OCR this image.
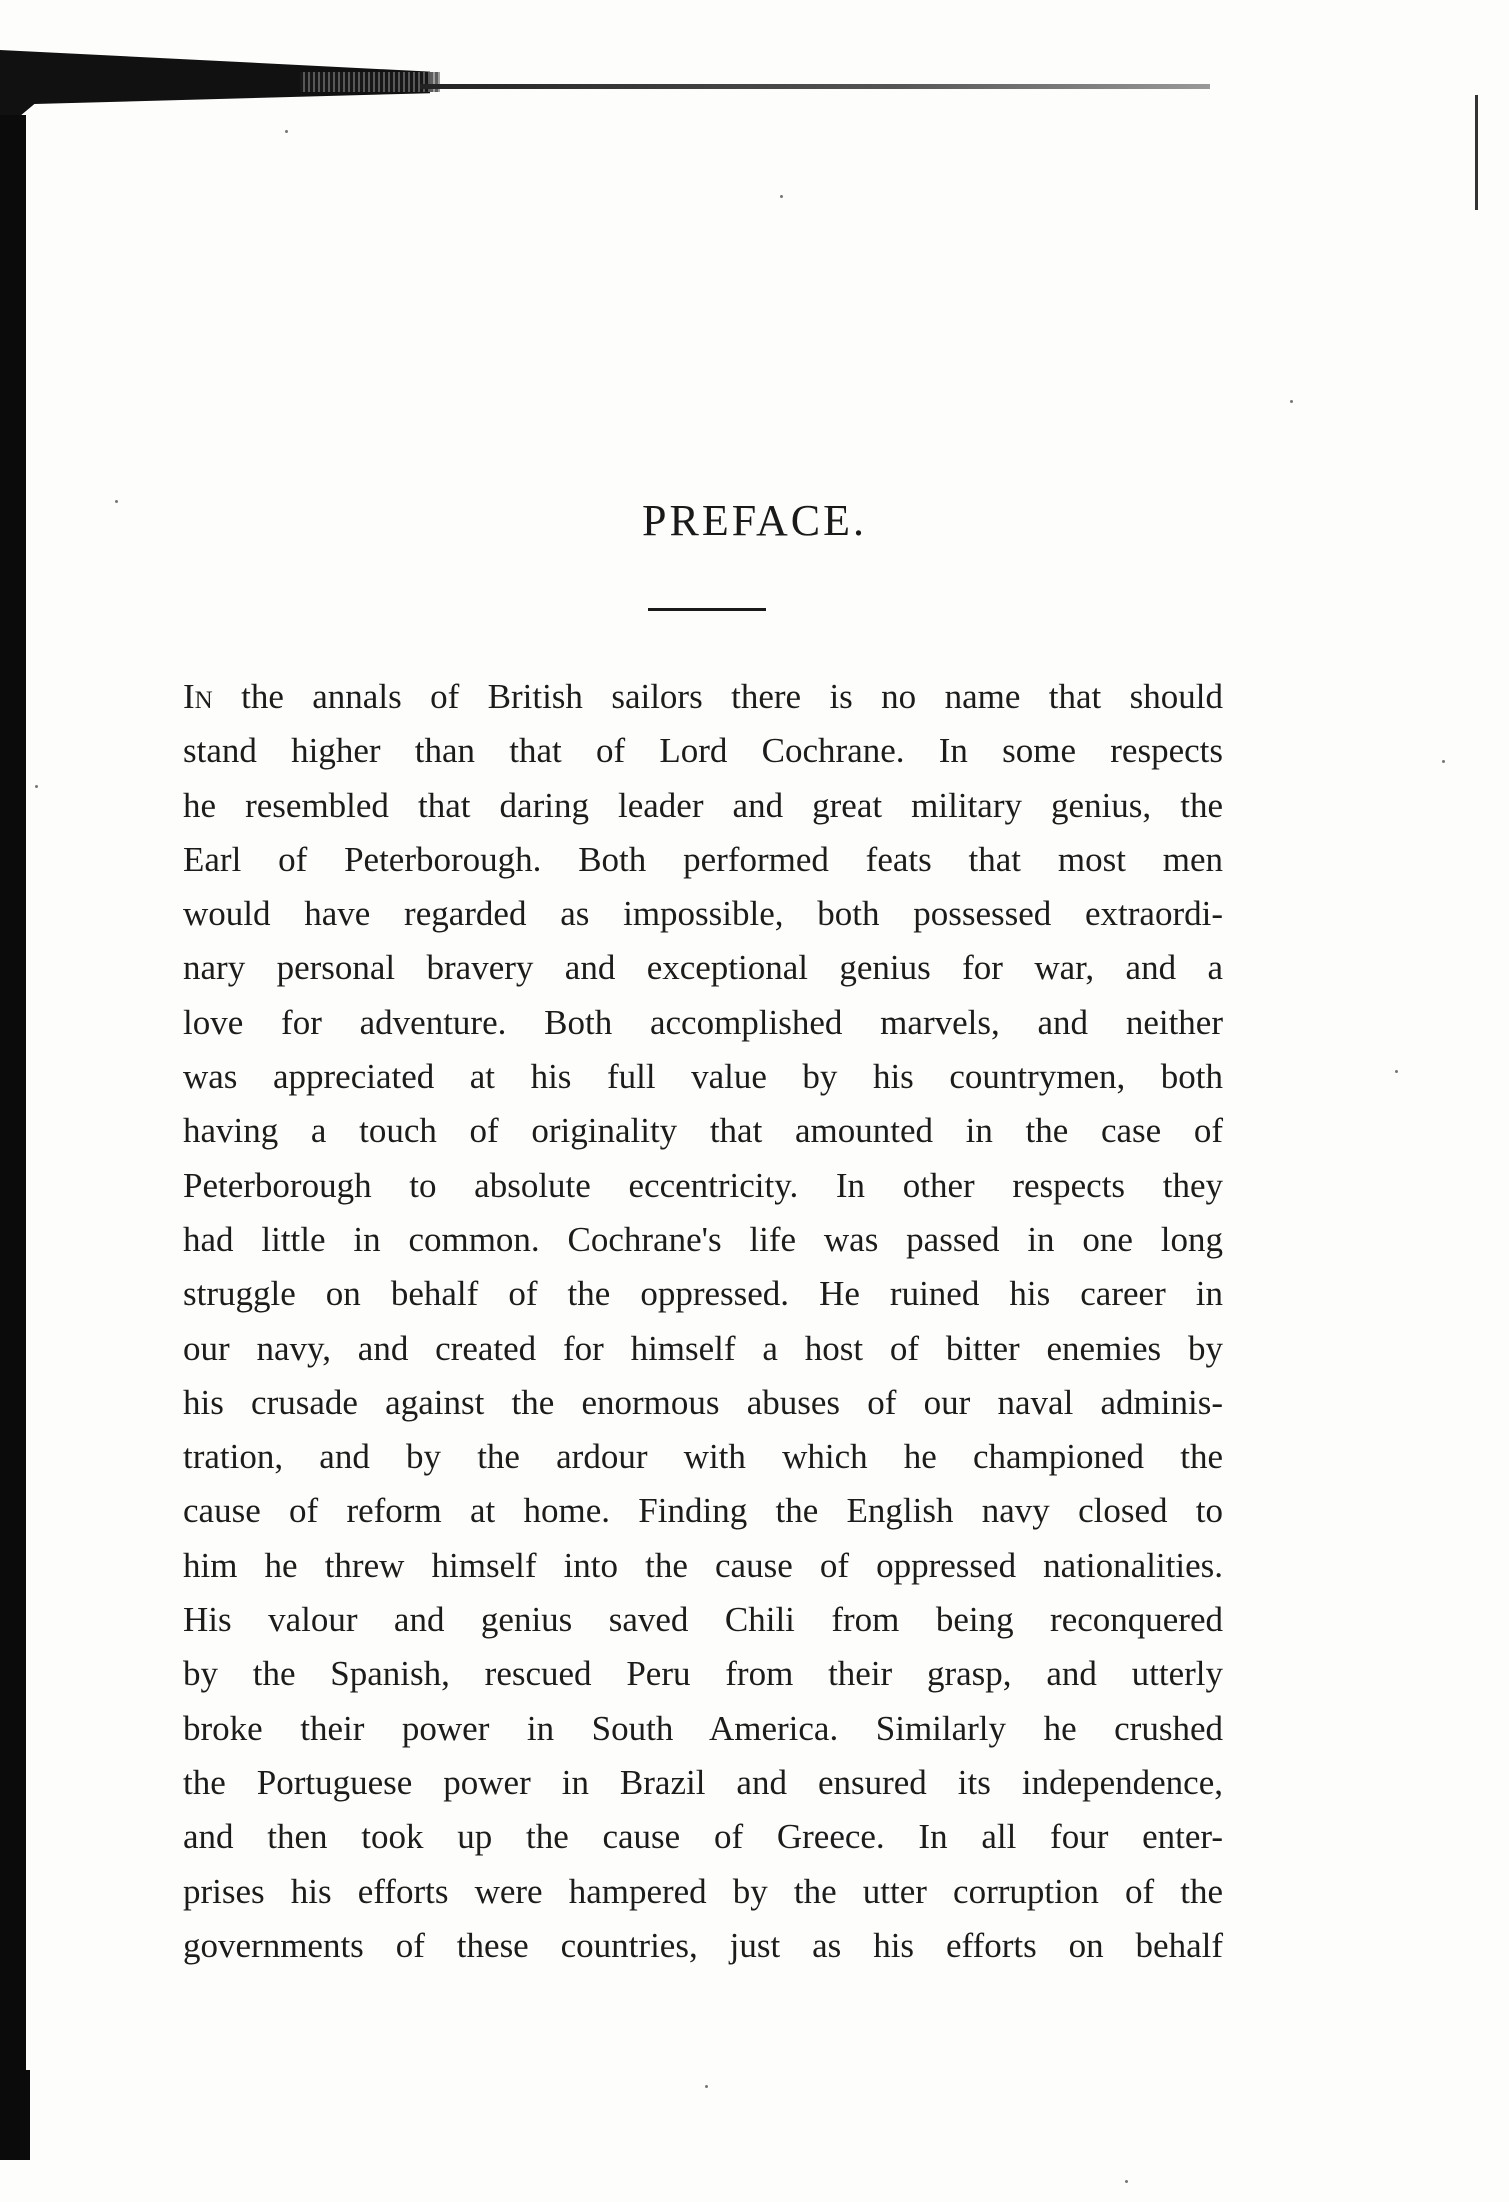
PREFACE.
In the annals of British sailors there is no name that should
stand higher than that of Lord Cochrane. In some respects
he resembled that daring leader and great military genius, the
Earl of Peterborough. Both performed feats that most men
would have regarded as impossible, both possessed extraordi-
nary personal bravery and exceptional genius for war, and a
love for adventure. Both accomplished marvels, and neither
was appreciated at his full value by his countrymen, both
having a touch of originality that amounted in the case of
Peterborough to absolute eccentricity. In other respects they
had little in common. Cochrane's life was passed in one long
struggle on behalf of the oppressed. He ruined his career in
our navy, and created for himself a host of bitter enemies by
his crusade against the enormous abuses of our naval adminis-
tration, and by the ardour with which he championed the
cause of reform at home. Finding the English navy closed to
him he threw himself into the cause of oppressed nationalities.
His valour and genius saved Chili from being reconquered
by the Spanish, rescued Peru from their grasp, and utterly
broke their power in South America. Similarly he crushed
the Portuguese power in Brazil and ensured its independence,
and then took up the cause of Greece. In all four enter-
prises his efforts were hampered by the utter corruption of the
governments of these countries, just as his efforts on behalf
